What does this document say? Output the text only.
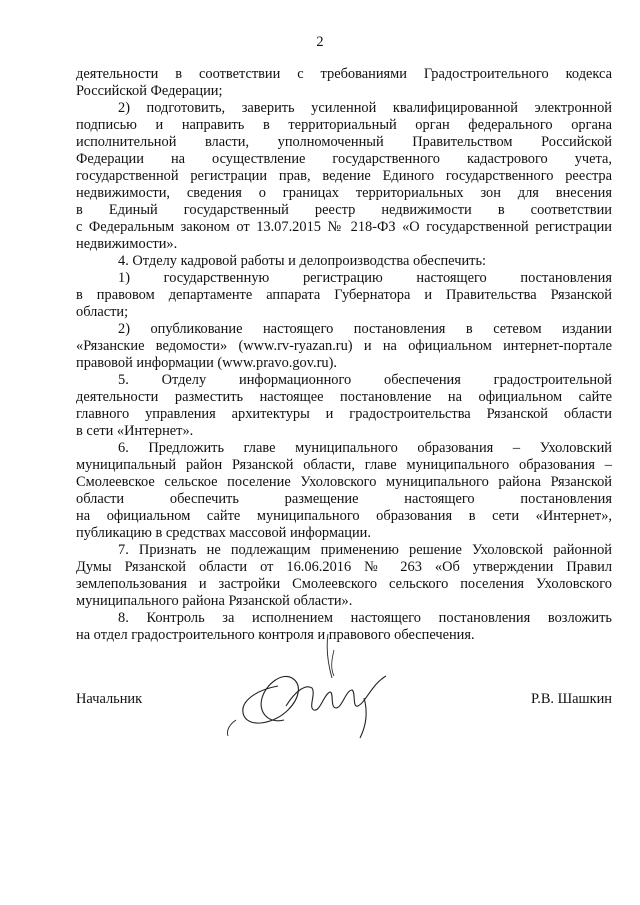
2
деятельности в соответствии с требованиями Градостроительного кодекса
Российской Федерации;
2) подготовить, заверить усиленной квалифицированной электронной
подписью и направить в территориальный орган федерального органа
исполнительной власти, уполномоченный Правительством Российской
Федерации на осуществление государственного кадастрового учета,
государственной регистрации прав, ведение Единого государственного реестра
недвижимости, сведения о границах территориальных зон для внесения
в Единый государственный реестр недвижимости в соответствии
с Федеральным законом от 13.07.2015 № 218-ФЗ «О государственной регистрации
недвижимости».
4. Отделу кадровой работы и делопроизводства обеспечить:
1) государственную регистрацию настоящего постановления
в правовом департаменте аппарата Губернатора и Правительства Рязанской
области;
2) опубликование настоящего постановления в сетевом издании
«Рязанские ведомости» (www.rv-ryazan.ru) и на официальном интернет-портале
правовой информации (www.pravo.gov.ru).
5. Отделу информационного обеспечения градостроительной
деятельности разместить настоящее постановление на официальном сайте
главного управления архитектуры и градостроительства Рязанской области
в сети «Интернет».
6. Предложить главе муниципального образования – Ухоловский
муниципальный район Рязанской области, главе муниципального образования –
Смолеевское сельское поселение Ухоловского муниципального района Рязанской
области обеспечить размещение настоящего постановления
на официальном сайте муниципального образования в сети «Интернет»,
публикацию в средствах массовой информации.
7. Признать не подлежащим применению решение Ухоловской районной
Думы Рязанской области от 16.06.2016 № 263 «Об утверждении Правил
землепользования и застройки Смолеевского сельского поселения Ухоловского
муниципального района Рязанской области».
8. Контроль за исполнением настоящего постановления возложить
на отдел градостроительного контроля и правового обеспечения.
Начальник	Р.В. Шашкин
